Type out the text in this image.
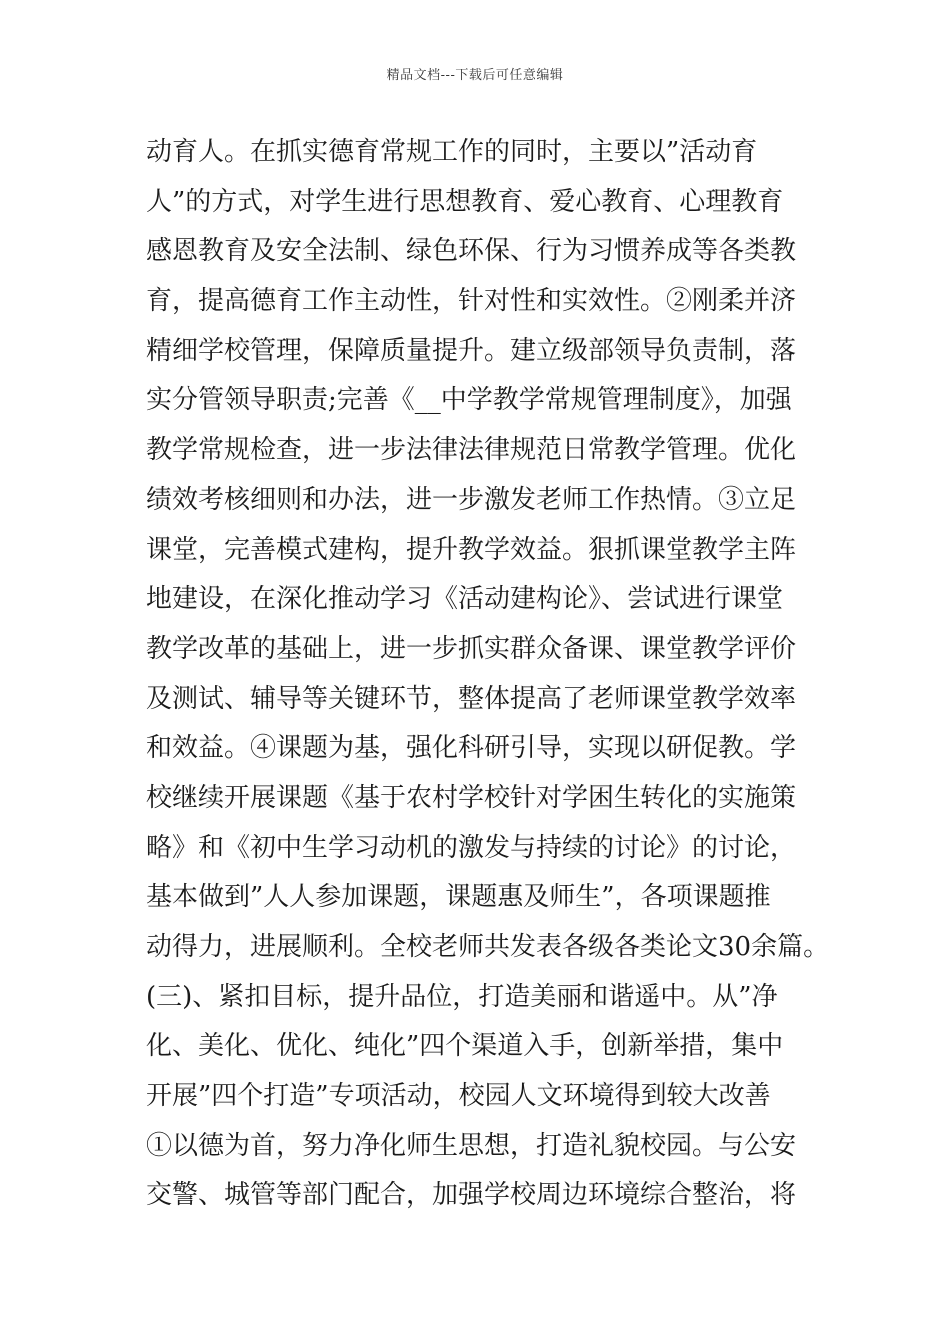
精品文档---下载后可任意编辑
动育人。在抓实德育常规工作的同时，主要以”活动育
人”的方式，对学生进行思想教育、爱心教育、心理教育
感恩教育及安全法制、绿色环保、行为习惯养成等各类教
育，提高德育工作主动性，针对性和实效性。②刚柔并济
精细学校管理，保障质量提升。建立级部领导负责制，落
实分管领导职责;完善《__中学教学常规管理制度》，加强
教学常规检查，进一步法律法律规范日常教学管理。优化
绩效考核细则和办法，进一步激发老师工作热情。③立足
课堂，完善模式建构，提升教学效益。狠抓课堂教学主阵
地建设，在深化推动学习《活动建构论》、尝试进行课堂
教学改革的基础上，进一步抓实群众备课、课堂教学评价
及测试、辅导等关键环节，整体提高了老师课堂教学效率
和效益。④课题为基，强化科研引导，实现以研促教。学
校继续开展课题《基于农村学校针对学困生转化的实施策
略》和《初中生学习动机的激发与持续的讨论》的讨论，
基本做到”人人参加课题，课题惠及师生”，各项课题推
动得力，进展顺利。全校老师共发表各级各类论文30余篇。
(三)、紧扣目标，提升品位，打造美丽和谐遥中。从”净
化、美化、优化、纯化”四个渠道入手，创新举措，集中
开展”四个打造”专项活动，校园人文环境得到较大改善
①以德为首，努力净化师生思想，打造礼貌校园。与公安
交警、城管等部门配合，加强学校周边环境综合整治，将
